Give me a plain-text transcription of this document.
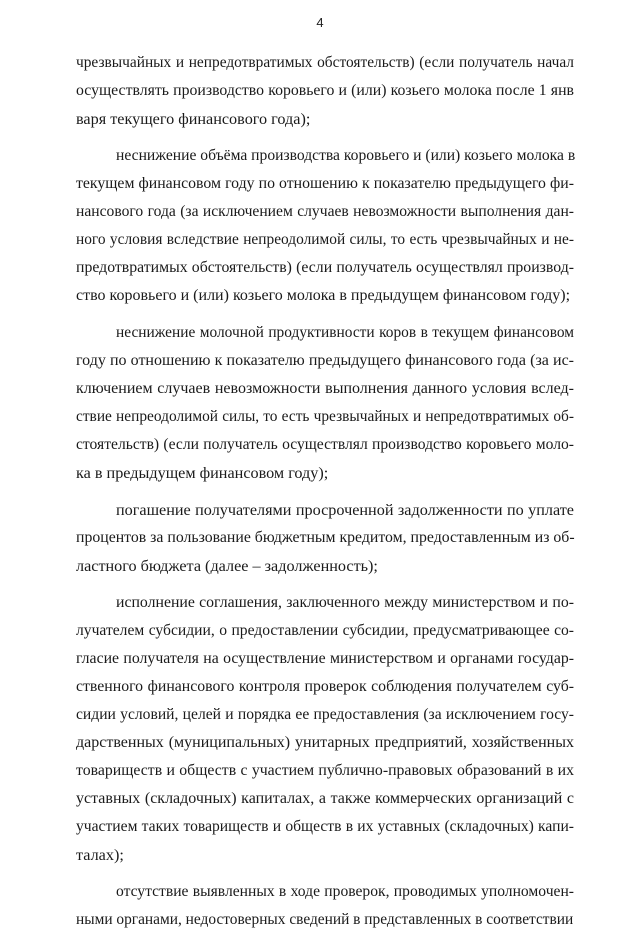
4
чрезвычайных и непредотвратимых обстоятельств) (если получатель начал
осуществлять производство коровьего и (или) козьего молока после 1 янв
варя текущего финансового года);
неснижение объёма производства коровьего и (или) козьего молока в
текущем финансовом году по отношению к показателю предыдущего фи-
нансового года (за исключением случаев невозможности выполнения дан-
ного условия вследствие непреодолимой силы, то есть чрезвычайных и не-
предотвратимых обстоятельств) (если получатель осуществлял производ-
ство коровьего и (или) козьего молока в предыдущем финансовом году);
неснижение молочной продуктивности коров в текущем финансовом
году по отношению к показателю предыдущего финансового года (за ис-
ключением случаев невозможности выполнения данного условия вслед-
ствие непреодолимой силы, то есть чрезвычайных и непредотвратимых об-
стоятельств) (если получатель осуществлял производство коровьего моло-
ка в предыдущем финансовом году);
погашение получателями просроченной задолженности по уплате
процентов за пользование бюджетным кредитом, предоставленным из об-
ластного бюджета (далее – задолженность);
исполнение соглашения, заключенного между министерством и по-
лучателем субсидии, о предоставлении субсидии, предусматривающее со-
гласие получателя на осуществление министерством и органами государ-
ственного финансового контроля проверок соблюдения получателем суб-
сидии условий, целей и порядка ее предоставления (за исключением госу-
дарственных (муниципальных) унитарных предприятий, хозяйственных
товариществ и обществ с участием публично-правовых образований в их
уставных (складочных) капиталах, а также коммерческих организаций с
участием таких товариществ и обществ в их уставных (складочных) капи-
талах);
отсутствие выявленных в ходе проверок, проводимых уполномочен-
ными органами, недостоверных сведений в представленных в соответствии
